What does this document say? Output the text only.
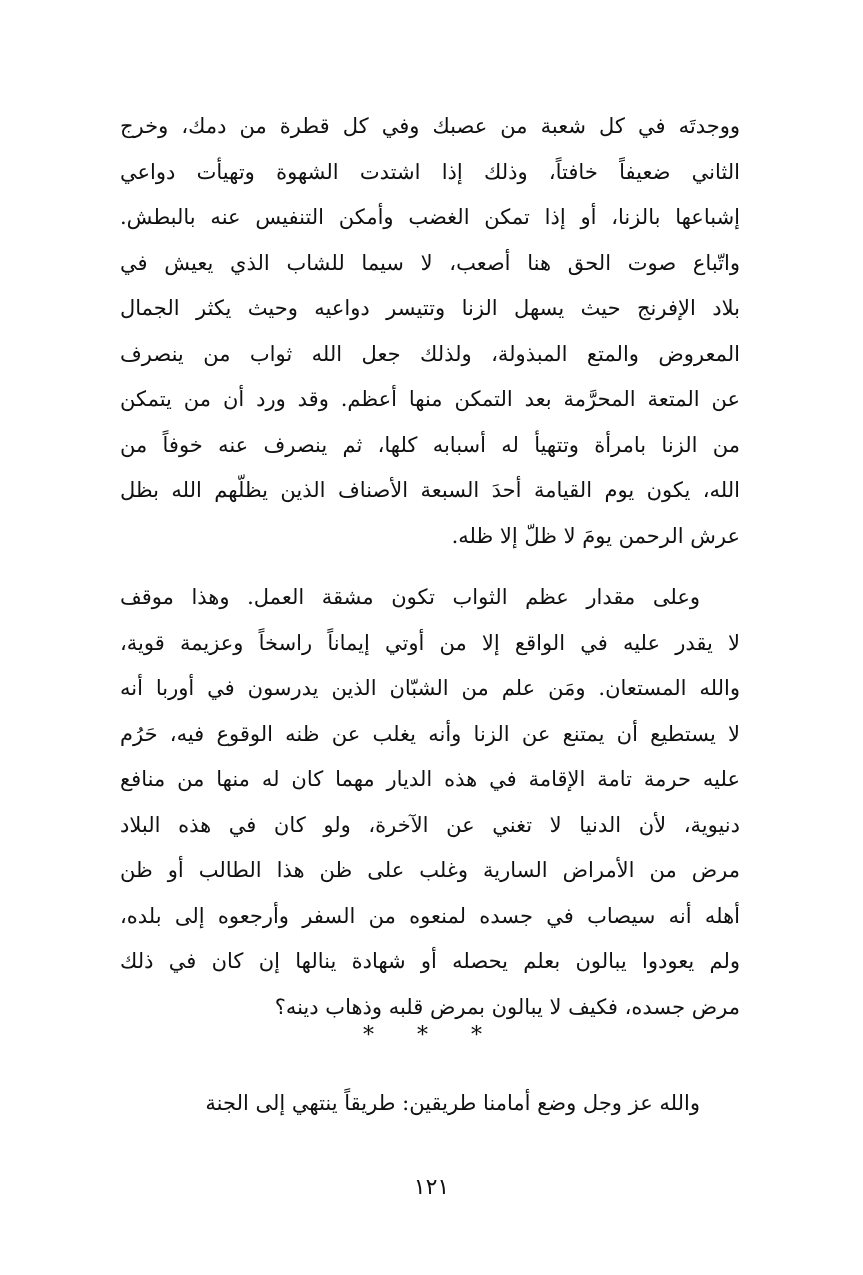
ووجدتَه في كل شعبة من عصبك وفي كل قطرة من دمك، وخرج
الثاني ضعيفاً خافتاً، وذلك إذا اشتدت الشهوة وتهيأت دواعي
إشباعها بالزنا، أو إذا تمكن الغضب وأمكن التنفيس عنه بالبطش.
واتّباع صوت الحق هنا أصعب، لا سيما للشاب الذي يعيش في
بلاد الإفرنج حيث يسهل الزنا وتتيسر دواعيه وحيث يكثر الجمال
المعروض والمتع المبذولة، ولذلك جعل الله ثواب من ينصرف
عن المتعة المحرَّمة بعد التمكن منها أعظم. وقد ورد أن من يتمكن
من الزنا بامرأة وتتهيأ له أسبابه كلها، ثم ينصرف عنه خوفاً من
الله، يكون يوم القيامة أحدَ السبعة الأصناف الذين يظلّهم الله بظل
عرش الرحمن يومَ لا ظلّ إلا ظله.
وعلى مقدار عظم الثواب تكون مشقة العمل. وهذا موقف
لا يقدر عليه في الواقع إلا من أوتي إيماناً راسخاً وعزيمة قوية،
والله المستعان. ومَن علم من الشبّان الذين يدرسون في أوربا أنه
لا يستطيع أن يمتنع عن الزنا وأنه يغلب عن ظنه الوقوع فيه، حَرُم
عليه حرمة تامة الإقامة في هذه الديار مهما كان له منها من منافع
دنيوية، لأن الدنيا لا تغني عن الآخرة، ولو كان في هذه البلاد
مرض من الأمراض السارية وغلب على ظن هذا الطالب أو ظن
أهله أنه سيصاب في جسده لمنعوه من السفر وأرجعوه إلى بلده،
ولم يعودوا يبالون بعلم يحصله أو شهادة ينالها إن كان في ذلك
مرض جسده، فكيف لا يبالون بمرض قلبه وذهاب دينه؟
* * *
والله عز وجل وضع أمامنا طريقين: طريقاً ينتهي إلى الجنة
١٢١
